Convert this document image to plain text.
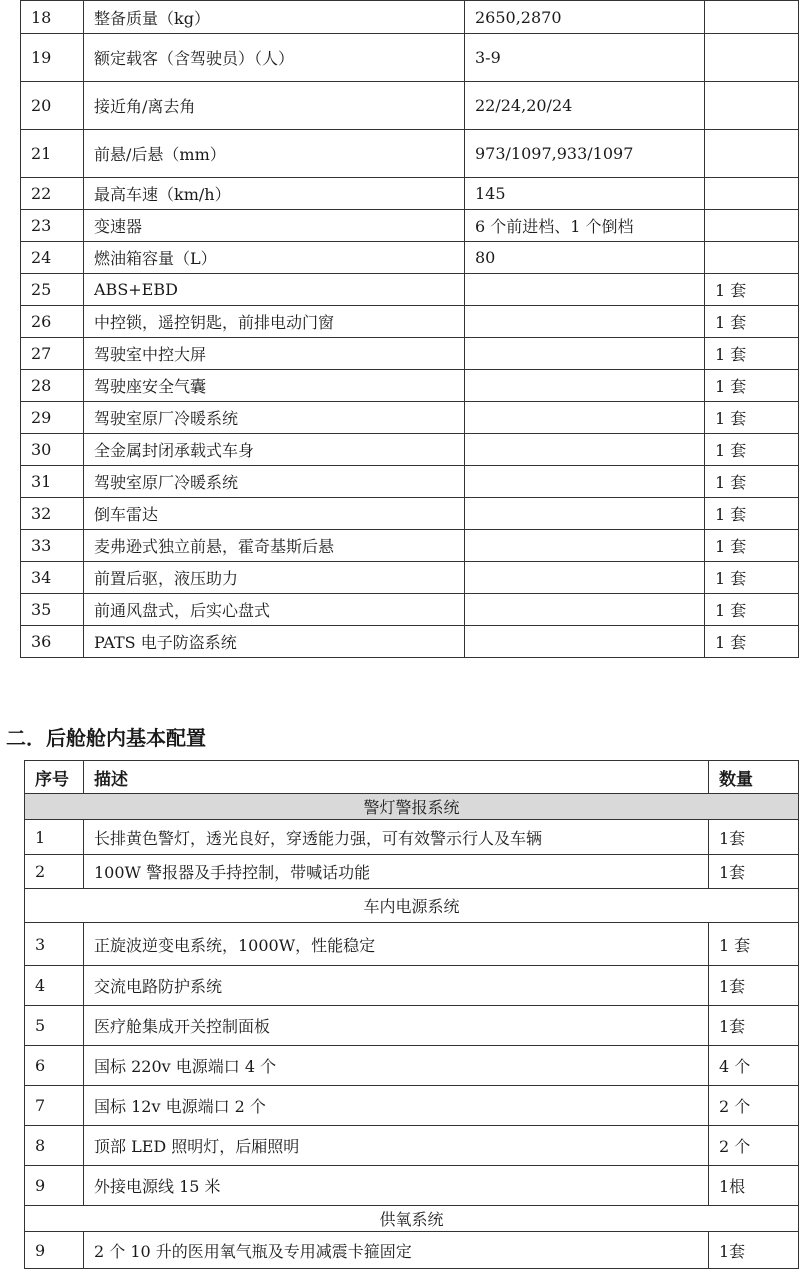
18	整备质量（kg）	2650,2870	
19	额定载客（含驾驶员）（人）	3-9	
20	接近角/离去角	22/24,20/24	
21	前悬/后悬（mm）	973/1097,933/1097	
22	最高车速（km/h）	145	
23	变速器	6 个前进档、1 个倒档	
24	燃油箱容量（L）	80	
25	ABS+EBD		1 套
26	中控锁，遥控钥匙，前排电动门窗		1 套
27	驾驶室中控大屏		1 套
28	驾驶座安全气囊		1 套
29	驾驶室原厂冷暖系统		1 套
30	全金属封闭承载式车身		1 套
31	驾驶室原厂冷暖系统		1 套
32	倒车雷达		1 套
33	麦弗逊式独立前悬，霍奇基斯后悬		1 套
34	前置后驱，液压助力		1 套
35	前通风盘式，后实心盘式		1 套
36	PATS 电子防盗系统		1 套
二．后舱舱内基本配置
序号	描述	数量
警灯警报系统		
1	长排黄色警灯，透光良好，穿透能力强，可有效警示行人及车辆	1套
2	100W 警报器及手持控制，带喊话功能	1套
车内电源系统		
3	正旋波逆变电系统，1000W，性能稳定	1 套
4	交流电路防护系统	1套
5	医疗舱集成开关控制面板	1套
6	国标 220v 电源端口 4 个	4 个
7	国标 12v 电源端口 2 个	2 个
8	顶部 LED 照明灯，后厢照明	2 个
9	外接电源线 15 米	1根
供氧系统		
9	2 个 10 升的医用氧气瓶及专用减震卡箍固定	1套
